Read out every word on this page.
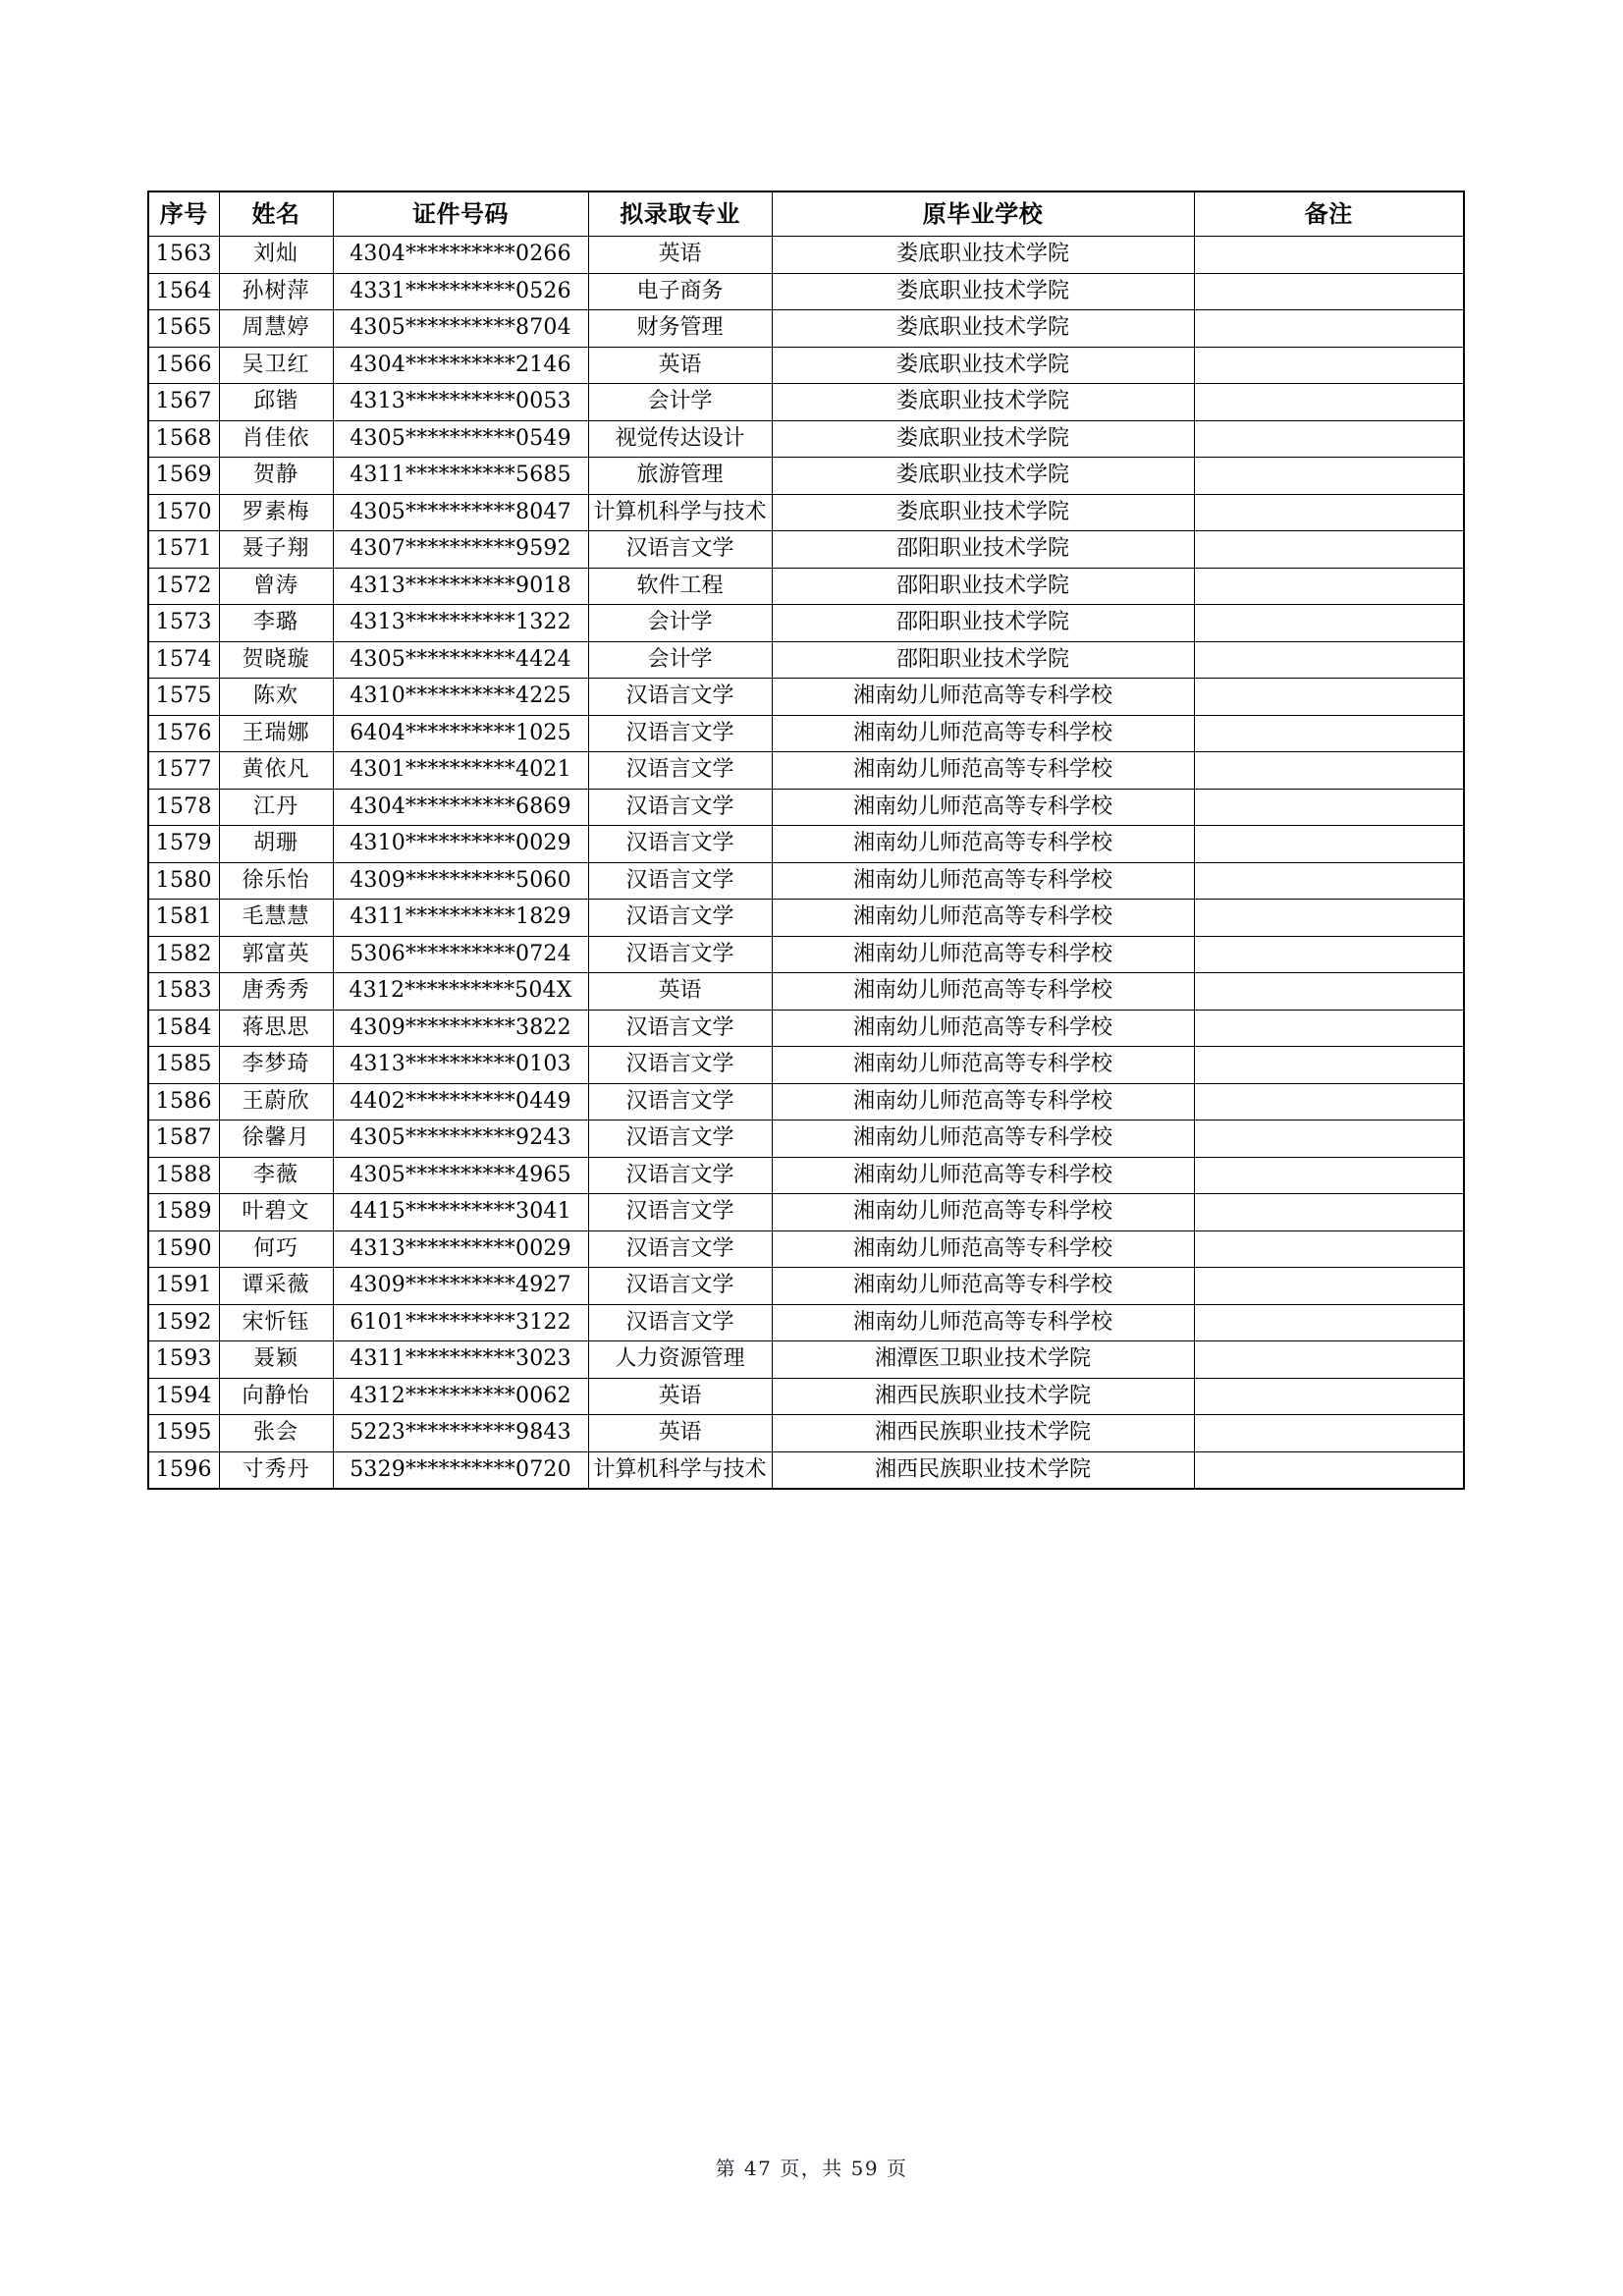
序号	姓名	证件号码	拟录取专业	原毕业学校	备注
1563	刘灿	4304**********0266	英语	娄底职业技术学院	
1564	孙树萍	4331**********0526	电子商务	娄底职业技术学院	
1565	周慧婷	4305**********8704	财务管理	娄底职业技术学院	
1566	吴卫红	4304**********2146	英语	娄底职业技术学院	
1567	邱锴	4313**********0053	会计学	娄底职业技术学院	
1568	肖佳依	4305**********0549	视觉传达设计	娄底职业技术学院	
1569	贺静	4311**********5685	旅游管理	娄底职业技术学院	
1570	罗素梅	4305**********8047	计算机科学与技术	娄底职业技术学院	
1571	聂子翔	4307**********9592	汉语言文学	邵阳职业技术学院	
1572	曾涛	4313**********9018	软件工程	邵阳职业技术学院	
1573	李璐	4313**********1322	会计学	邵阳职业技术学院	
1574	贺晓璇	4305**********4424	会计学	邵阳职业技术学院	
1575	陈欢	4310**********4225	汉语言文学	湘南幼儿师范高等专科学校	
1576	王瑞娜	6404**********1025	汉语言文学	湘南幼儿师范高等专科学校	
1577	黄依凡	4301**********4021	汉语言文学	湘南幼儿师范高等专科学校	
1578	江丹	4304**********6869	汉语言文学	湘南幼儿师范高等专科学校	
1579	胡珊	4310**********0029	汉语言文学	湘南幼儿师范高等专科学校	
1580	徐乐怡	4309**********5060	汉语言文学	湘南幼儿师范高等专科学校	
1581	毛慧慧	4311**********1829	汉语言文学	湘南幼儿师范高等专科学校	
1582	郭富英	5306**********0724	汉语言文学	湘南幼儿师范高等专科学校	
1583	唐秀秀	4312**********504X	英语	湘南幼儿师范高等专科学校	
1584	蒋思思	4309**********3822	汉语言文学	湘南幼儿师范高等专科学校	
1585	李梦琦	4313**********0103	汉语言文学	湘南幼儿师范高等专科学校	
1586	王蔚欣	4402**********0449	汉语言文学	湘南幼儿师范高等专科学校	
1587	徐馨月	4305**********9243	汉语言文学	湘南幼儿师范高等专科学校	
1588	李薇	4305**********4965	汉语言文学	湘南幼儿师范高等专科学校	
1589	叶碧文	4415**********3041	汉语言文学	湘南幼儿师范高等专科学校	
1590	何巧	4313**********0029	汉语言文学	湘南幼儿师范高等专科学校	
1591	谭采薇	4309**********4927	汉语言文学	湘南幼儿师范高等专科学校	
1592	宋忻钰	6101**********3122	汉语言文学	湘南幼儿师范高等专科学校	
1593	聂颖	4311**********3023	人力资源管理	湘潭医卫职业技术学院	
1594	向静怡	4312**********0062	英语	湘西民族职业技术学院	
1595	张会	5223**********9843	英语	湘西民族职业技术学院	
1596	寸秀丹	5329**********0720	计算机科学与技术	湘西民族职业技术学院	
第 47 页，共 59 页
